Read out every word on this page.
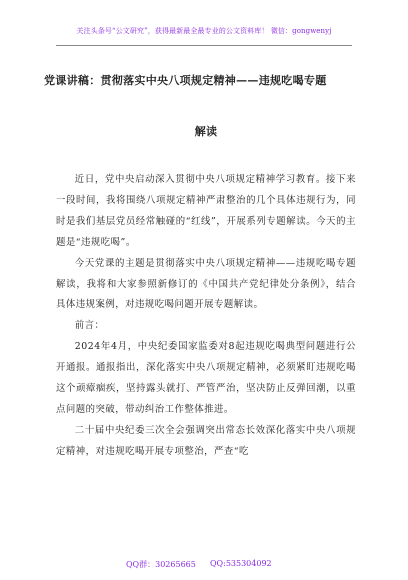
关注头条号“公文研究”，获得最新最全最专业的公文资料库！ 微信：gongwenyj
党课讲稿：贯彻落实中央八项规定精神——违规吃喝专题
解读

近日，党中央启动深入贯彻中央八项规定精神学习教育。接下来一段时间，我将围绕八项规定精神严肃整治的几个具体违规行为，同时是我们基层党员经常触碰的“红线”，开展系列专题解读。今天的主题是“违规吃喝”。

今天党课的主题是贯彻落实中央八项规定精神——违规吃喝专题解读，我将和大家参照新修订的《中国共产党纪律处分条例》，结合具体违规案例，对违规吃喝问题开展专题解读。

前言：

2024年4月，中央纪委国家监委对8起违规吃喝典型问题进行公开通报。通报指出，深化落实中央八项规定精神，必须紧盯违规吃喝这个顽瘴痼疾，坚持露头就打、严管严治，坚决防止反弹回潮，以重点问题的突破，带动纠治工作整体推进。

二十届中央纪委三次全会强调突出常态长效深化落实中央八项规定精神，对违规吃喝开展专项整治，严查“吃

QQ群：30265665 QQ:535304092
